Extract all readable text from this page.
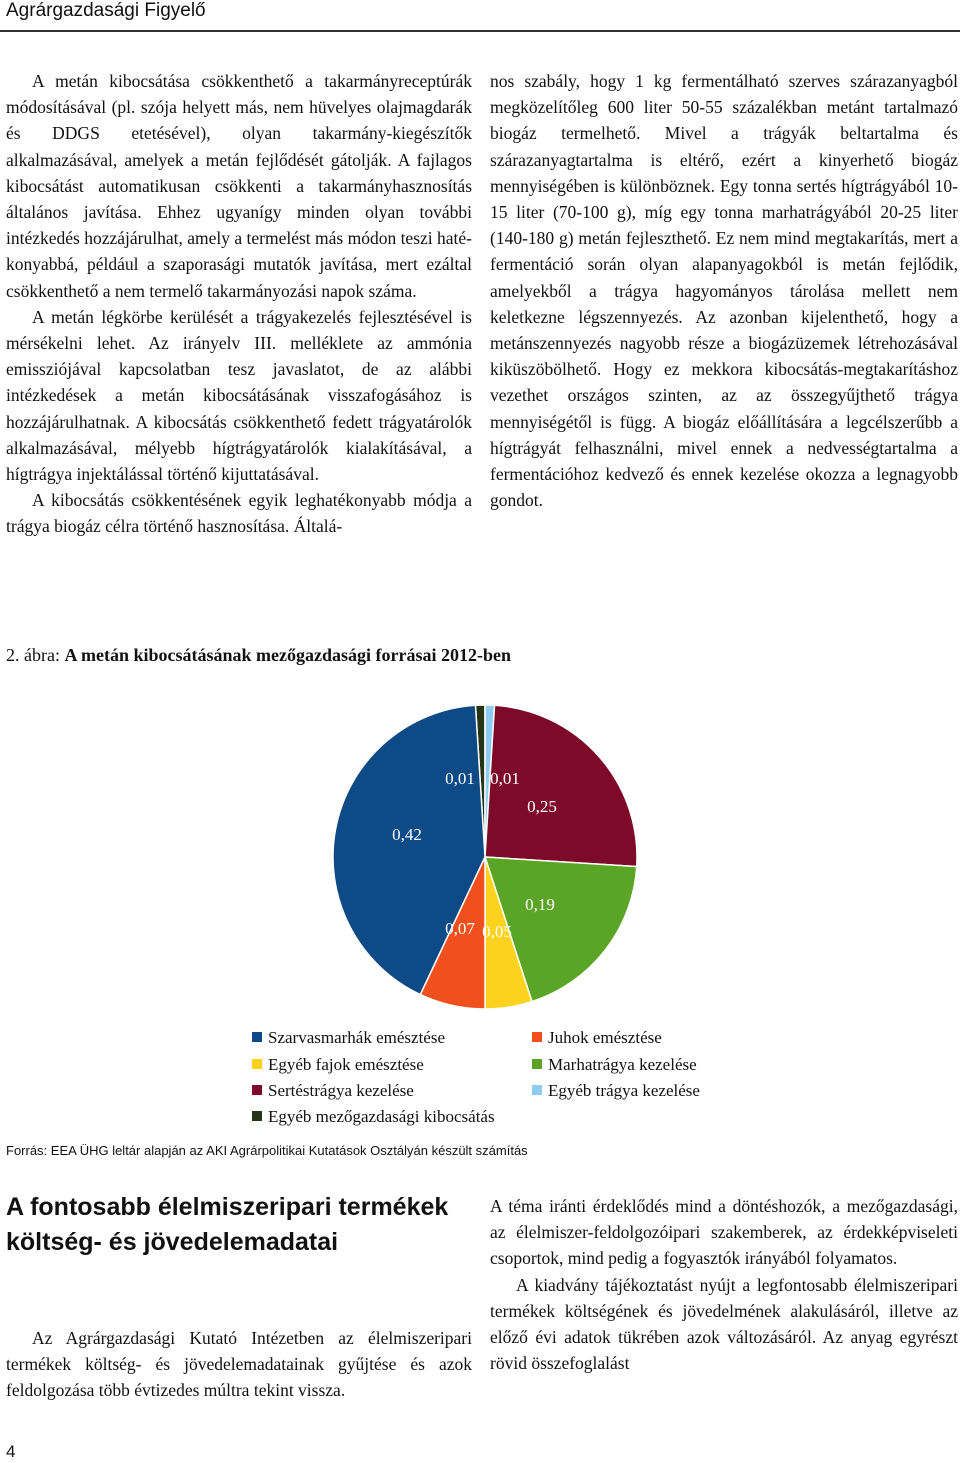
Agrárgazdasági Figyelő

A metán kibocsátása csökkenthető a takarmányreceptúrák módosításával (pl. szója helyett más, nem hüvelyes olajmagdarák és DDGS etetésével), olyan takarmány-kiegészítők alkalmazásával, amelyek a metán fejlődését gátolják. A fajlagos kibocsátást automatikusan csökkenti a takarmányhasznosítás általános javítása. Ehhez ugyanígy minden olyan további intézkedés hozzájárulhat, amely a termelést más módon teszi hatékonyabbá, például a szaporasági mutatók javítása, mert ezáltal csökkenthető a nem termelő takarmányozási napok száma.

A metán légkörbe kerülését a trágyakezelés fejlesztésével is mérsékelni lehet. Az irányelv III. melléklete az ammónia emissziójával kapcsolatban tesz javaslatot, de az alábbi intézkedések a metán kibocsátásának visszafogásához is hozzájárulhatnak. A kibocsátás csökkenthető fedett trágyatárolók alkalmazásával, mélyebb hígtrágyatárolók kialakításával, a hígtrágya injektálással történő kijuttatásával.

A kibocsátás csökkentésének egyik leghatékonyabb módja a trágya biogáz célra történő hasznosítása. Általá-

nos szabály, hogy 1 kg fermentálható szerves szárazanyagból megközelítőleg 600 liter 50-55 százalékban metánt tartalmazó biogáz termelhető. Mivel a trágyák beltartalma és szárazanyagtartalma is eltérő, ezért a kinyerhető biogáz mennyiségében is különböznek. Egy tonna sertés hígtrágyából 10-15 liter (70-100 g), míg egy tonna marhatrágyából 20-25 liter (140-180 g) metán fejleszthető. Ez nem mind megtakarítás, mert a fermentáció során olyan alapanyagokból is metán fejlődik, amelyekből a trágya hagyományos tárolása mellett nem keletkezne légszennyezés. Az azonban kijelenthető, hogy a metánszennyezés nagyobb része a biogázüzemek létrehozásával kiküszöbölhető. Hogy ez mekkora kibocsátás-megtakarításhoz vezethet országos szinten, az az összegyűjthető trágya mennyiségétől is függ. A biogáz előállítására a legcélszerűbb a hígtrágyát felhasználni, mivel ennek a nedvességtartalma a fermentációhoz kedvező és ennek kezelése okozza a legnagyobb gondot.

2. ábra: A metán kibocsátásának mezőgazdasági forrásai 2012-ben
0,42
0,07 0,05
0,19
0,25
0,01
0,01
Szarvasmarhák emésztése	Juhok emésztése
Egyéb fajok emésztése	Marhatrágya kezelése
Sertéstrágya kezelése	Egyéb trágya kezelése
Egyéb mezőgazdasági kibocsátás
Forrás: EEA ÜHG leltár alapján az AKI Agrárpolitikai Kutatások Osztályán készült számítás
A fontosabb élelmiszeripari termékek költség- és jövedelemadatai

Az Agrárgazdasági Kutató Intézetben az élelmiszeripari termékek költség- és jövedelemadatainak gyűjtése és azok feldolgozása több évtizedes múltra tekint vissza.

A téma iránti érdeklődés mind a döntéshozók, a mezőgazdasági, az élelmiszer-feldolgozóipari szakemberek, az érdekképviseleti csoportok, mind pedig a fogyasztók irányából folyamatos.

A kiadvány tájékoztatást nyújt a legfontosabb élelmiszeripari termékek költségének és jövedelmének alakulásáról, illetve az előző évi adatok tükrében azok változásáról. Az anyag egyrészt rövid összefoglalást

4
